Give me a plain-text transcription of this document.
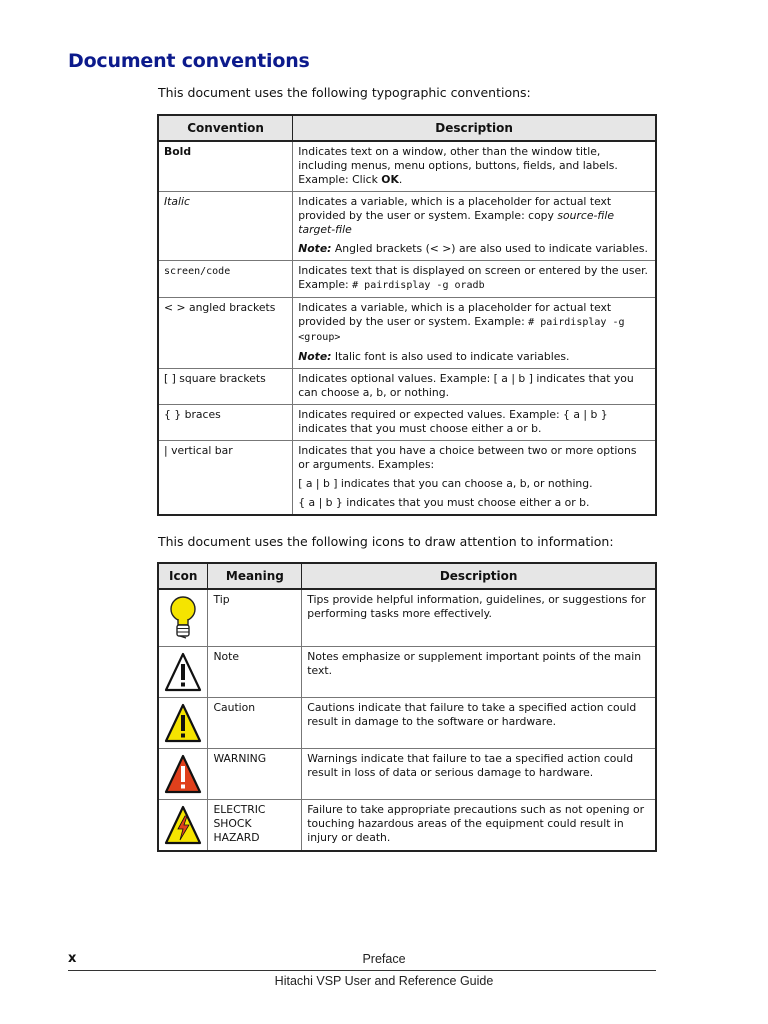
Document conventions
This document uses the following typographic conventions:
Convention	Description
Bold	Indicates text on a window, other than the window title, including menus, menu options, buttons, fields, and labels. Example: Click OK.
Italic	Indicates a variable, which is a placeholder for actual text provided by the user or system. Example: copy source-file target-file
Note: Angled brackets (< >) are also used to indicate variables.

screen/code	Indicates text that is displayed on screen or entered by the user. Example: # pairdisplay -g oradb
< > angled brackets	Indicates a variable, which is a placeholder for actual text provided by the user or system. Example: # pairdisplay -g <group>
Note: Italic font is also used to indicate variables.

[ ] square brackets	Indicates optional values. Example: [ a | b ] indicates that you can choose a, b, or nothing.
{ } braces	Indicates required or expected values. Example: { a | b } indicates that you must choose either a or b.
| vertical bar	Indicates that you have a choice between two or more options or arguments. Examples:
[ a | b ] indicates that you can choose a, b, or nothing.
{ a | b } indicates that you must choose either a or b.
This document uses the following icons to draw attention to information:
Icon	Meaning	Description

	Tip	Tips provide helpful information, guidelines, or suggestions for performing tasks more effectively.

	Note	Notes emphasize or supplement important points of the main text.

	Caution	Cautions indicate that failure to take a specified action could result in damage to the software or hardware.

	WARNING	Warnings indicate that failure to tae a specified action could result in loss of data or serious damage to hardware.

	ELECTRIC SHOCK HAZARD	Failure to take appropriate precautions such as not opening or touching hazardous areas of the equipment could result in injury or death.
x	Preface
Hitachi VSP User and Reference Guide
